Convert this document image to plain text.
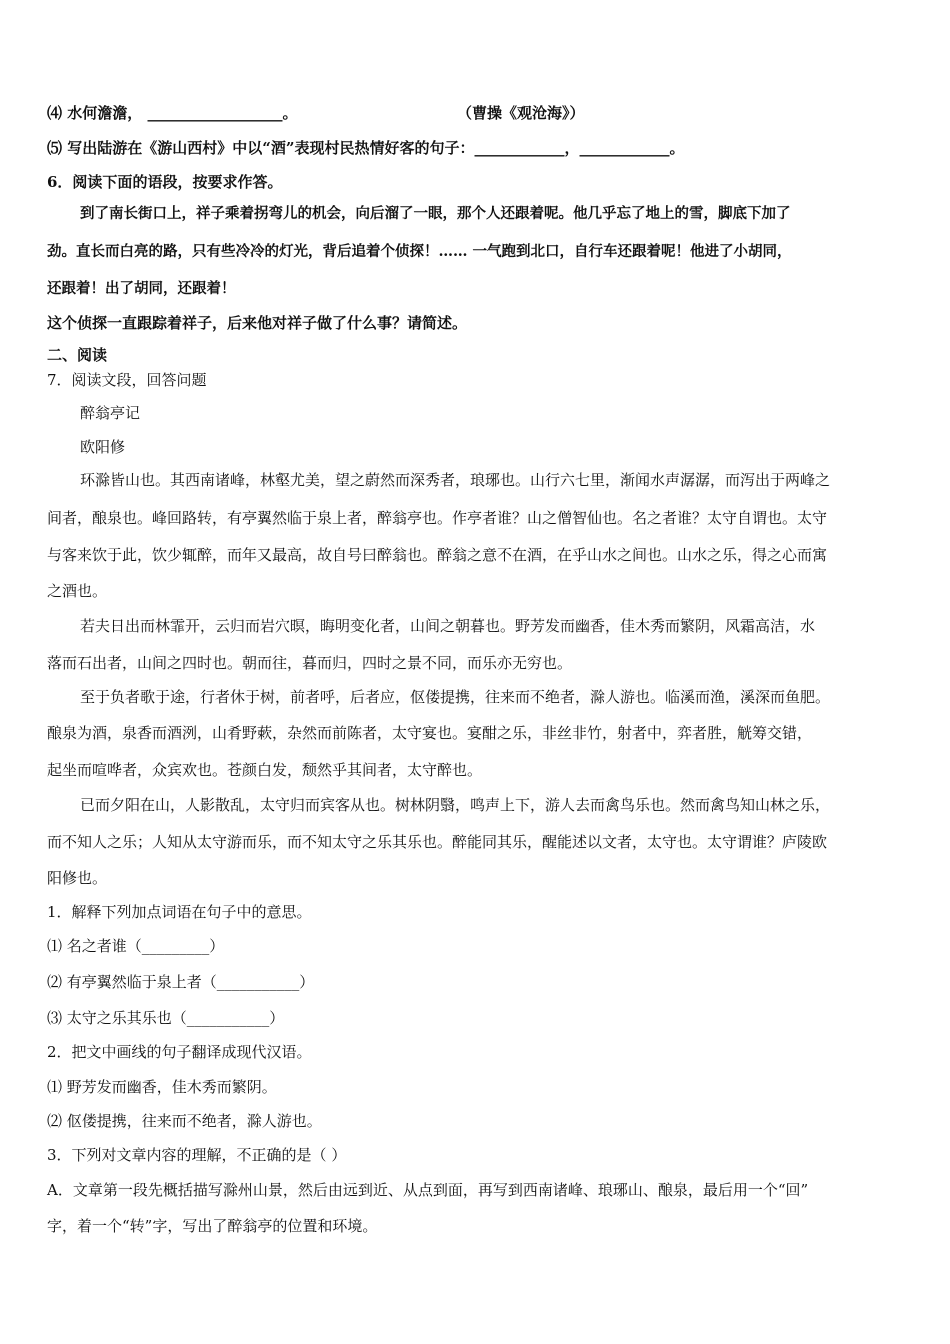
⑷ 水何澹澹， __________________。	（曹操《观沧海》）
⑸ 写出陆游在《游山西村》中以“酒”表现村民热情好客的句子：____________，____________。
6．阅读下面的语段，按要求作答。
到了南长街口上，祥子乘着拐弯儿的机会，向后溜了一眼，那个人还跟着呢。他几乎忘了地上的雪，脚底下加了
劲。直长而白亮的路，只有些冷冷的灯光，背后追着个侦探！…… 一气跑到北口，自行车还跟着呢！他进了小胡同，
还跟着！出了胡同，还跟着！
这个侦探一直跟踪着祥子，后来他对祥子做了什么事？请简述。
二、阅读
7．阅读文段，回答问题
醉翁亭记
欧阳修
环滁皆山也。其西南诸峰，林壑尤美，望之蔚然而深秀者，琅琊也。山行六七里，渐闻水声潺潺，而泻出于两峰之
间者，酿泉也。峰回路转，有亭翼然临于泉上者，醉翁亭也。作亭者谁？山之僧智仙也。名之者谁？太守自谓也。太守
与客来饮于此，饮少辄醉，而年又最高，故自号曰醉翁也。醉翁之意不在酒，在乎山水之间也。山水之乐，得之心而寓
之酒也。
若夫日出而林霏开，云归而岩穴暝，晦明变化者，山间之朝暮也。野芳发而幽香，佳木秀而繁阴，风霜高洁，水
落而石出者，山间之四时也。朝而往，暮而归，四时之景不同，而乐亦无穷也。
至于负者歌于途，行者休于树，前者呼，后者应，伛偻提携，往来而不绝者，滁人游也。临溪而渔，溪深而鱼肥。
酿泉为酒，泉香而酒洌，山肴野蔌，杂然而前陈者，太守宴也。宴酣之乐，非丝非竹，射者中，弈者胜，觥筹交错，
起坐而喧哗者，众宾欢也。苍颜白发，颓然乎其间者，太守醉也。
已而夕阳在山，人影散乱，太守归而宾客从也。树林阴翳，鸣声上下，游人去而禽鸟乐也。然而禽鸟知山林之乐，
而不知人之乐；人知从太守游而乐，而不知太守之乐其乐也。醉能同其乐，醒能述以文者，太守也。太守谓谁？庐陵欧
阳修也。
1．解释下列加点词语在句子中的意思。
⑴ 名之者谁（_________）
⑵ 有亭翼然临于泉上者（___________）
⑶ 太守之乐其乐也（___________）
2．把文中画线的句子翻译成现代汉语。
⑴ 野芳发而幽香，佳木秀而繁阴。
⑵ 伛偻提携，往来而不绝者，滁人游也。
3．下列对文章内容的理解，不正确的是（ ）
A．文章第一段先概括描写滁州山景，然后由远到近、从点到面，再写到西南诸峰、琅琊山、酿泉，最后用一个“回”
字，着一个“转”字，写出了醉翁亭的位置和环境。
